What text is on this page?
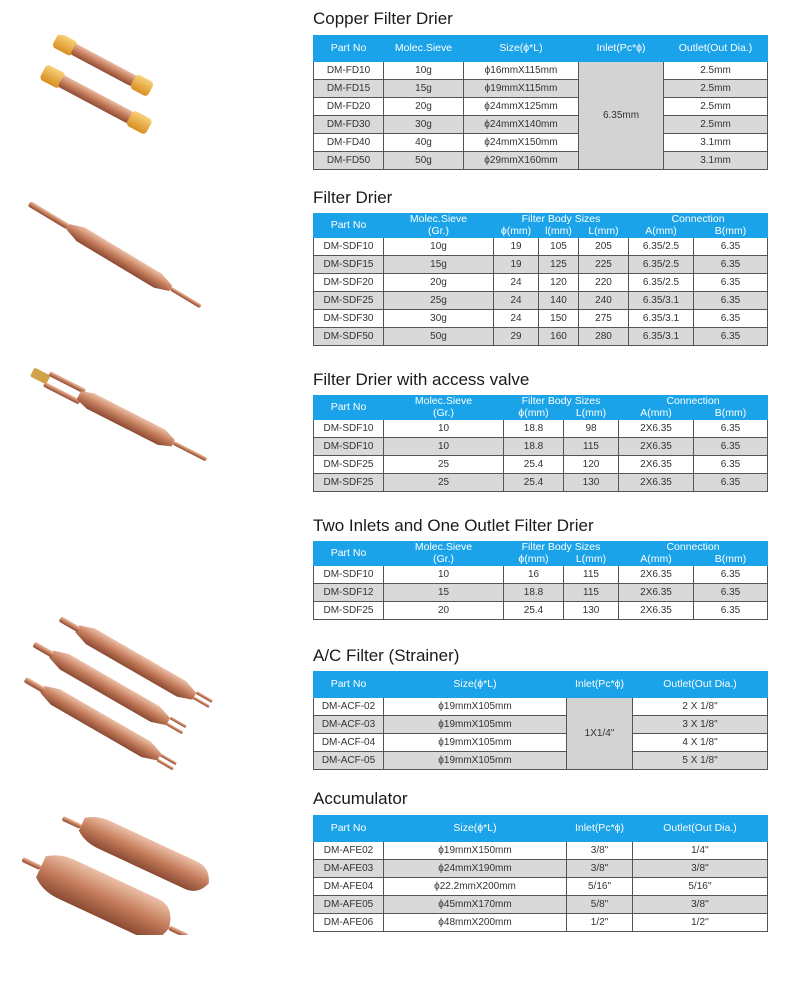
Copper Filter Drier
Part No	Molec.Sieve	Size(ϕ*L)	Inlet(Pc*ϕ)	Outlet(Out Dia.)
DM-FD10	10g	ϕ16mmX115mm	6.35mm	2.5mm
DM-FD15	15g	ϕ19mmX115mm		2.5mm
DM-FD20	20g	ϕ24mmX125mm		2.5mm
DM-FD30	30g	ϕ24mmX140mm		2.5mm
DM-FD40	40g	ϕ24mmX150mm		3.1mm
DM-FD50	50g	ϕ29mmX160mm		3.1mm
Filter Drier
Part No	Molec.Sieve	Filter Body Sizes			Connection	
	(Gr.)	ϕ(mm)	l(mm)	L(mm)	A(mm)	B(mm)
DM-SDF10	10g	19	105	205	6.35/2.5	6.35
DM-SDF15	15g	19	125	225	6.35/2.5	6.35
DM-SDF20	20g	24	120	220	6.35/2.5	6.35
DM-SDF25	25g	24	140	240	6.35/3.1	6.35
DM-SDF30	30g	24	150	275	6.35/3.1	6.35
DM-SDF50	50g	29	160	280	6.35/3.1	6.35
Filter Drier with access valve
Part No	Molec.Sieve	Filter Body Sizes		Connection	
	(Gr.)	ϕ(mm)	L(mm)	A(mm)	B(mm)
DM-SDF10	10	18.8	98	2X6.35	6.35
DM-SDF10	10	18.8	115	2X6.35	6.35
DM-SDF25	25	25.4	120	2X6.35	6.35
DM-SDF25	25	25.4	130	2X6.35	6.35
Two Inlets and One Outlet Filter Drier
Part No	Molec.Sieve	Filter Body Sizes		Connection	
	(Gr.)	ϕ(mm)	L(mm)	A(mm)	B(mm)
DM-SDF10	10	16	115	2X6.35	6.35
DM-SDF12	15	18.8	115	2X6.35	6.35
DM-SDF25	20	25.4	130	2X6.35	6.35
A/C Filter (Strainer)
Part No	Size(ϕ*L)	Inlet(Pc*ϕ)	Outlet(Out Dia.)
DM-ACF-02	ϕ19mmX105mm	1X1/4"	2 X 1/8"
DM-ACF-03	ϕ19mmX105mm		3 X 1/8"
DM-ACF-04	ϕ19mmX105mm		4 X 1/8"
DM-ACF-05	ϕ19mmX105mm		5 X 1/8"
Accumulator
Part No	Size(ϕ*L)	Inlet(Pc*ϕ)	Outlet(Out Dia.)
DM-AFE02	ϕ19mmX150mm	3/8"	1/4''
DM-AFE03	ϕ24mmX190mm	3/8"	3/8''
DM-AFE04	ϕ22.2mmX200mm	5/16"	5/16''
DM-AFE05	ϕ45mmX170mm	5/8"	3/8''
DM-AFE06	ϕ48mmX200mm	1/2"	1/2''
